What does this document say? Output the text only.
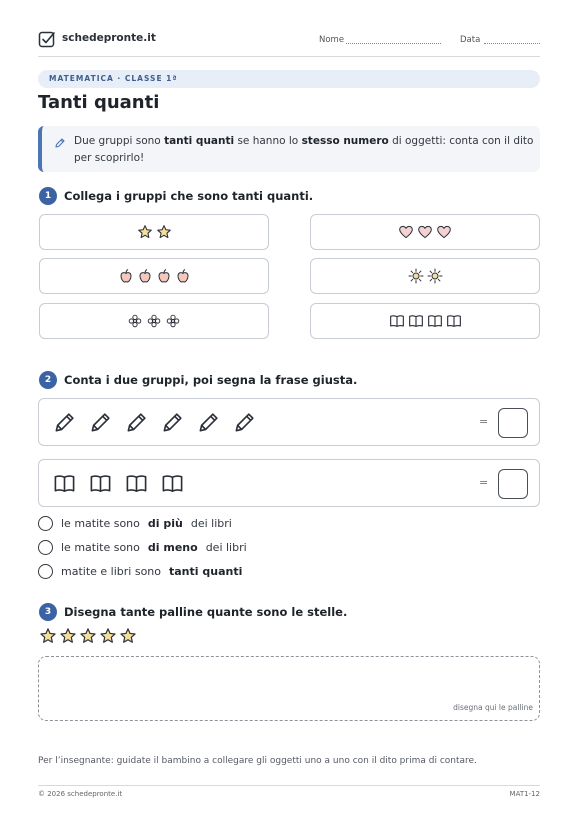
schedepronte.it	Nome	Data
MATEMATICA · CLASSE 1ª
Tanti quanti
Due gruppi sono tanti quanti se hanno lo stesso numero di oggetti: conta con il dito per scoprirlo!
1	Collega i gruppi che sono tanti quanti.
2	Conta i due gruppi, poi segna la frase giusta.
=
=
le matite sono di più dei libri
le matite sono di meno dei libri
matite e libri sono tanti quanti
3	Disegna tante palline quante sono le stelle.
disegna qui le palline
Per l’insegnante: guidate il bambino a collegare gli oggetti uno a uno con il dito prima di contare.
© 2026 schedepronte.it	MAT1-12
